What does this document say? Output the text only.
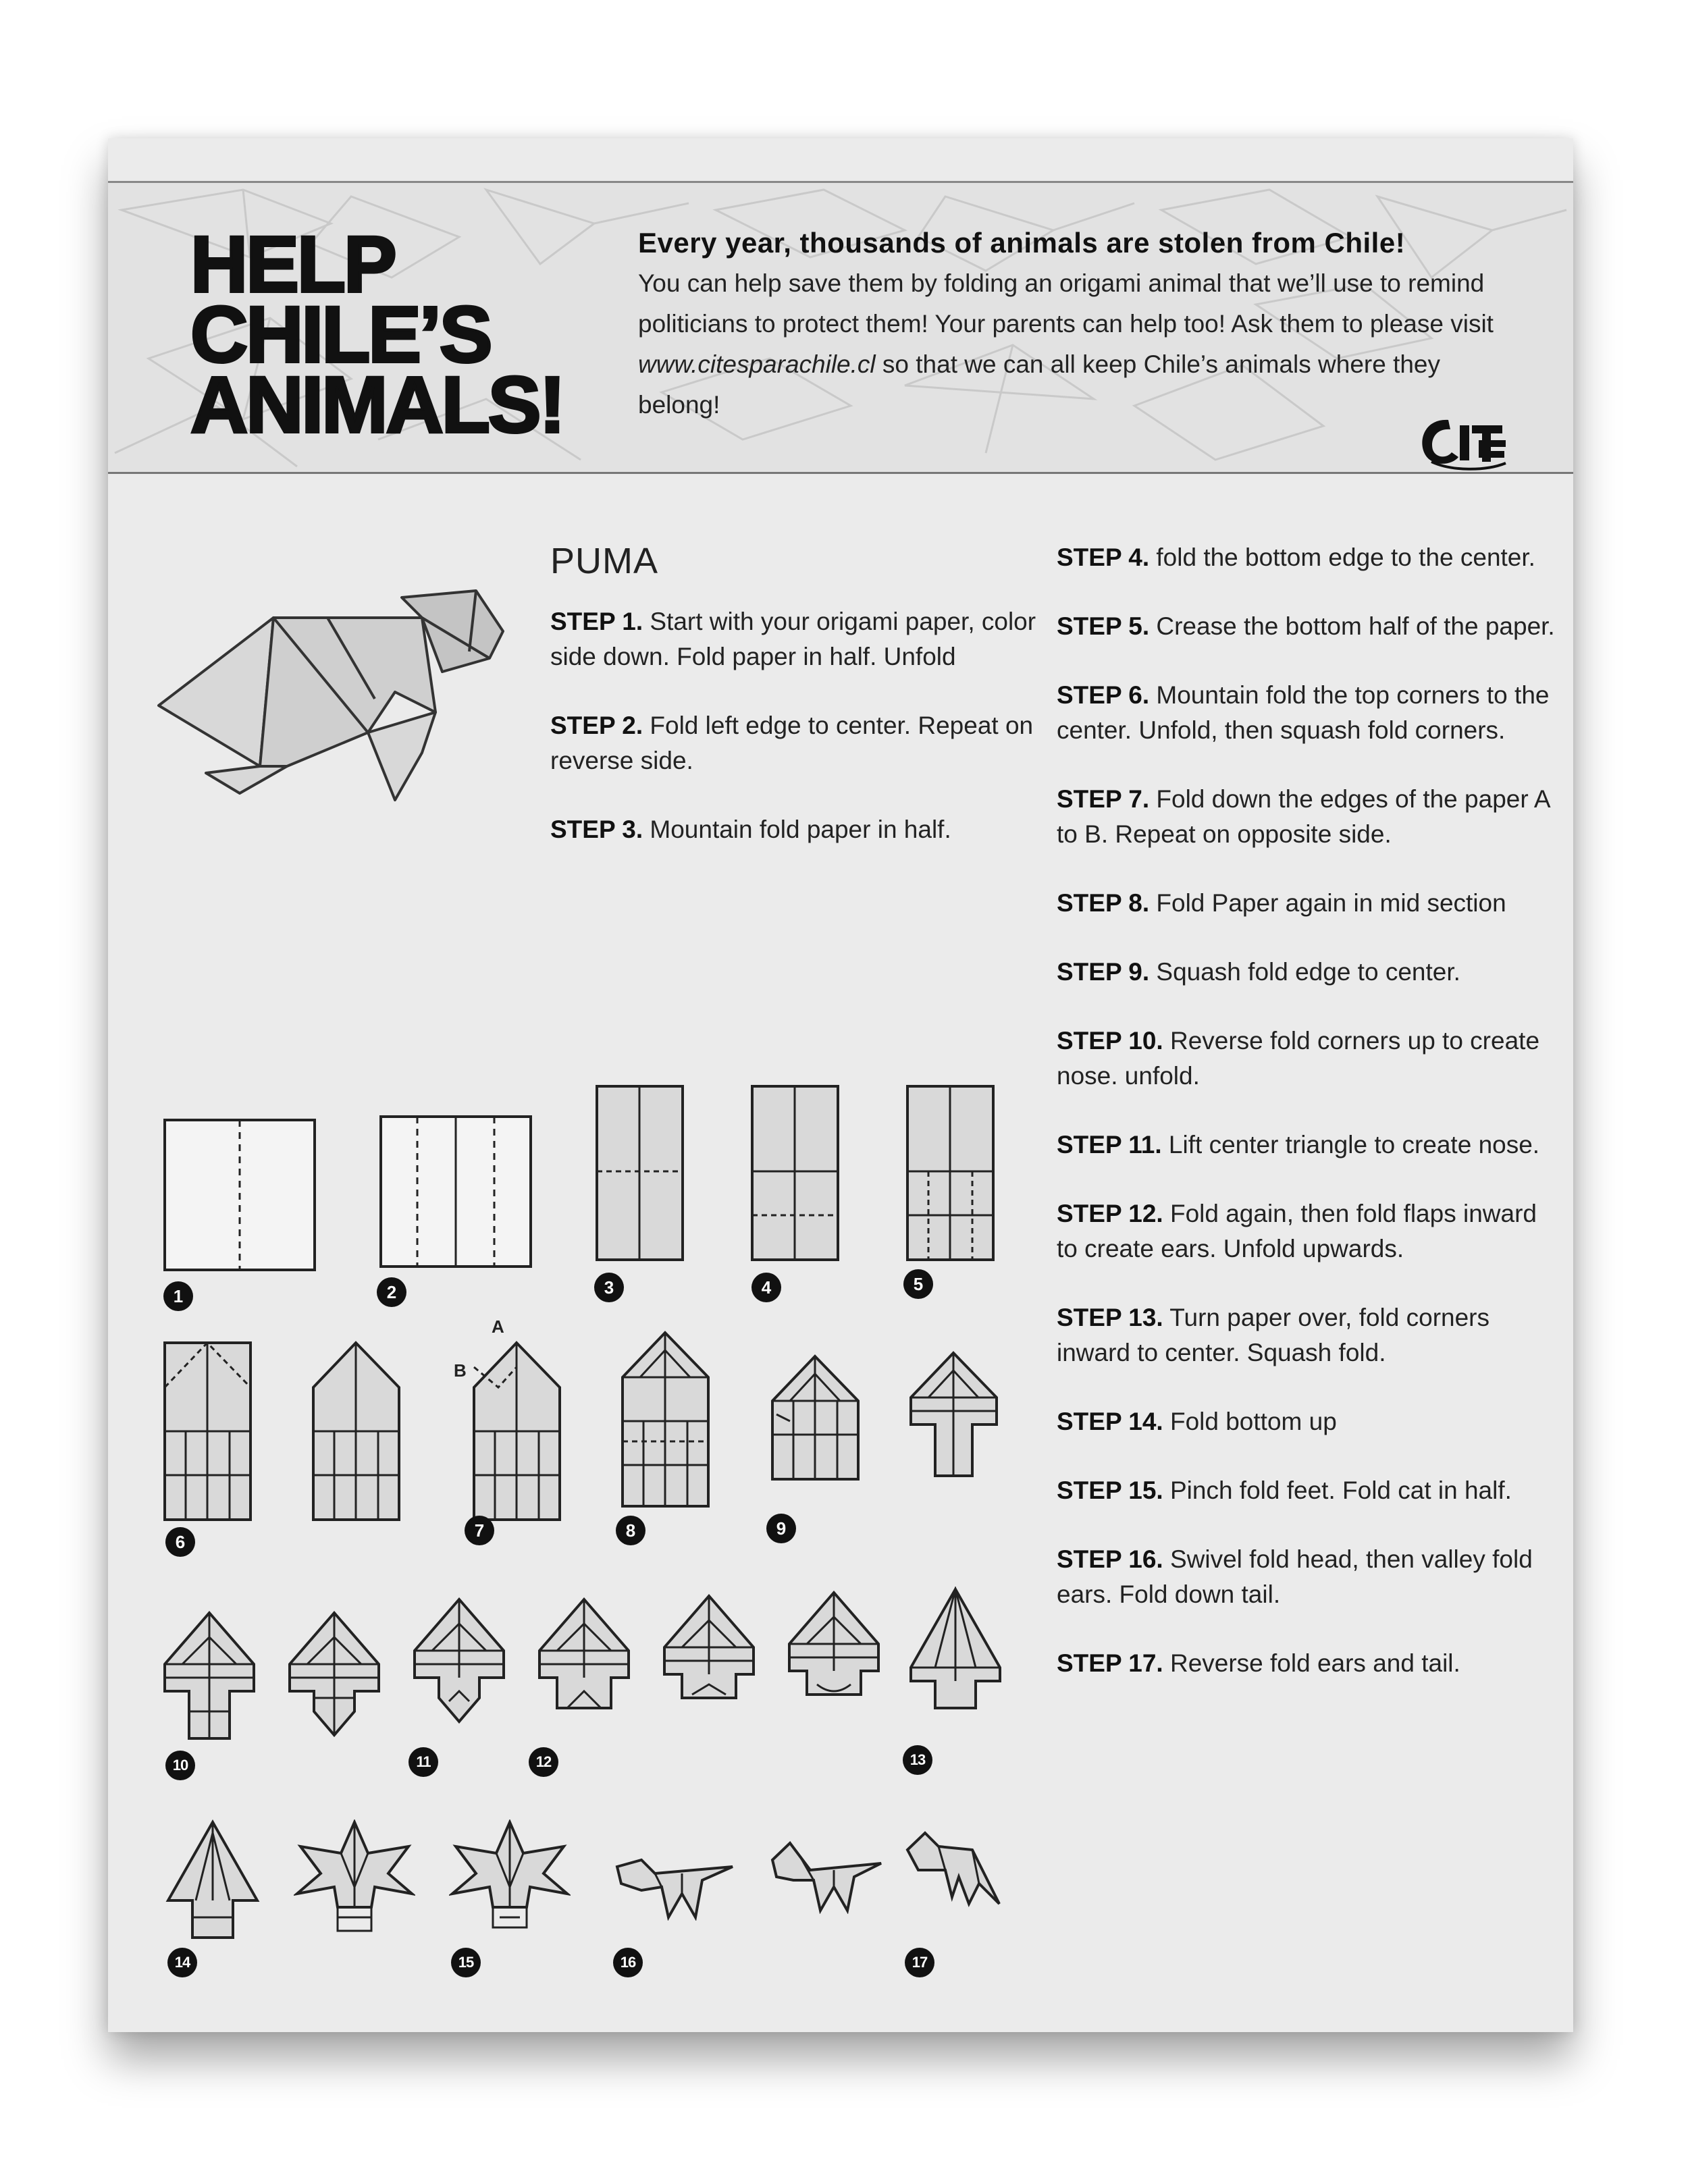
HELP
CHILE’S
ANIMALS!
Every year, thousands of animals are stolen from Chile!
You can help save them by folding an origami animal that we’ll use to remind politicians to protect them! Your parents can help too! Ask them to please visit www.citesparachile.cl so that we can all keep Chile’s animals where they belong!
PUMA
STEP 1. Start with your origami paper, color side down. Fold paper in half. Unfold
STEP 2. Fold left edge to center. Repeat on reverse side.
STEP 3. Mountain fold paper in half.
STEP 4. fold the bottom edge to the center.
STEP 5. Crease the bottom half of the paper.
STEP 6. Mountain fold the top corners to the center. Unfold, then squash fold corners.
STEP 7. Fold down the edges of the paper A to B. Repeat on opposite side.
STEP 8. Fold Paper again in mid section
STEP 9. Squash fold edge to center.
STEP 10. Reverse fold corners up to create nose. unfold.
STEP 11. Lift center triangle to create nose.
STEP 12. Fold again, then fold flaps inward to create ears. Unfold upwards.
STEP 13. Turn paper over, fold corners inward to center. Squash fold.
STEP 14. Fold bottom up
STEP 15. Pinch fold feet. Fold cat in half.
STEP 16. Swivel fold head, then valley fold ears. Fold down tail.
STEP 17. Reverse fold ears and tail.
A
B
1	2	3	4	5
6
7	8	9
10	11	12	13
14	15	16	17
